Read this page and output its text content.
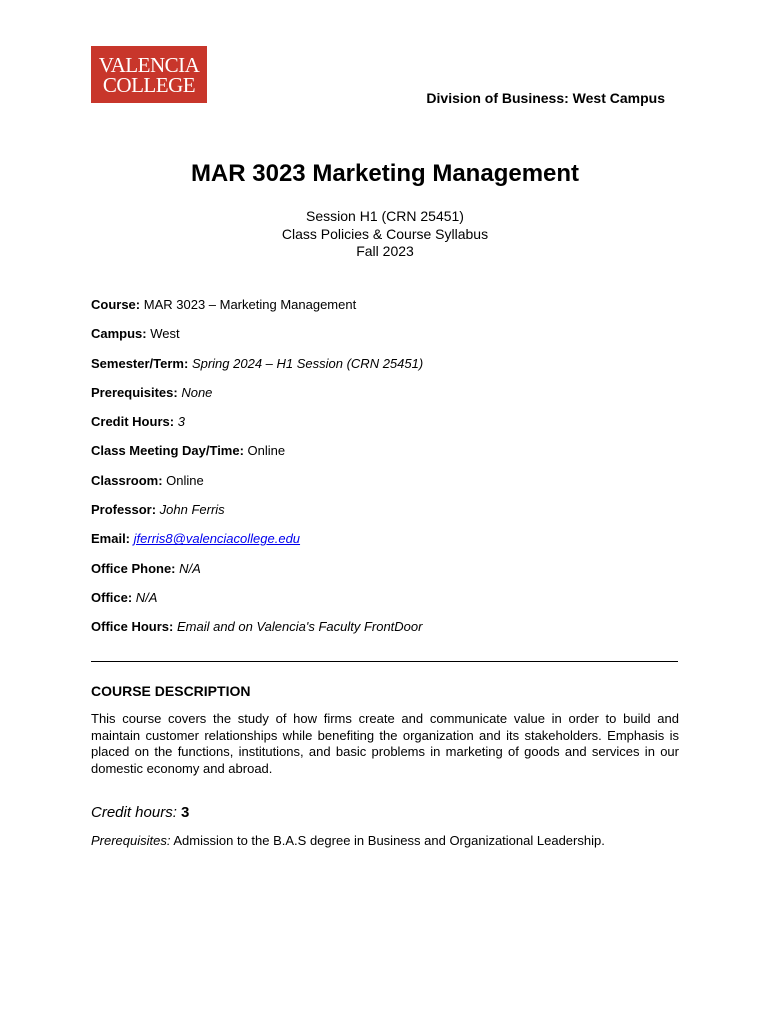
VALENCIA
COLLEGE
Division of Business: West Campus
MAR 3023 Marketing Management
Session H1 (CRN 25451)
Class Policies & Course Syllabus
Fall 2023
Course: MAR 3023 – Marketing Management
Campus: West
Semester/Term: Spring 2024 – H1 Session (CRN 25451)
Prerequisites: None
Credit Hours: 3
Class Meeting Day/Time: Online
Classroom: Online
Professor: John Ferris
Email: jferris8@valenciacollege.edu
Office Phone: N/A
Office: N/A
Office Hours: Email and on Valencia's Faculty FrontDoor
COURSE DESCRIPTION

This course covers the study of how firms create and communicate value in order to build and maintain customer relationships while benefiting the organization and its stakeholders. Emphasis is placed on the functions, institutions, and basic problems in marketing of goods and services in our domestic economy and abroad.

Credit hours: 3
Prerequisites: Admission to the B.A.S degree in Business and Organizational Leadership.
